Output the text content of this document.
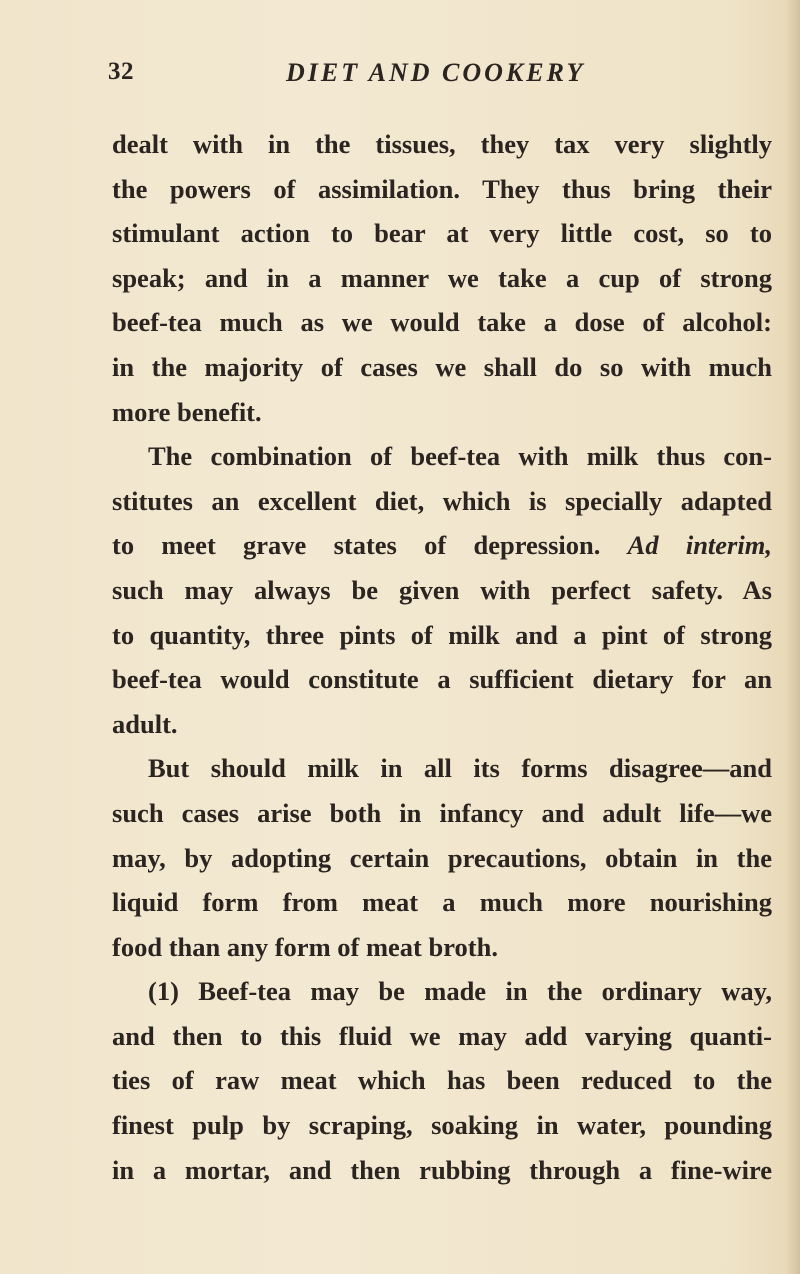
32	DIET AND COOKERY
dealt with in the tissues, they tax very slightly
the powers of assimilation. They thus bring their
stimulant action to bear at very little cost, so to
speak; and in a manner we take a cup of strong
beef-tea much as we would take a dose of alcohol:
in the majority of cases we shall do so with much
more benefit.
The combination of beef-tea with milk thus con-
stitutes an excellent diet, which is specially adapted
to meet grave states of depression. Ad interim,
such may always be given with perfect safety. As
to quantity, three pints of milk and a pint of strong
beef-tea would constitute a sufficient dietary for an
adult.
But should milk in all its forms disagree—and
such cases arise both in infancy and adult life—we
may, by adopting certain precautions, obtain in the
liquid form from meat a much more nourishing
food than any form of meat broth.
(1) Beef-tea may be made in the ordinary way,
and then to this fluid we may add varying quanti-
ties of raw meat which has been reduced to the
finest pulp by scraping, soaking in water, pounding
in a mortar, and then rubbing through a fine-wire
